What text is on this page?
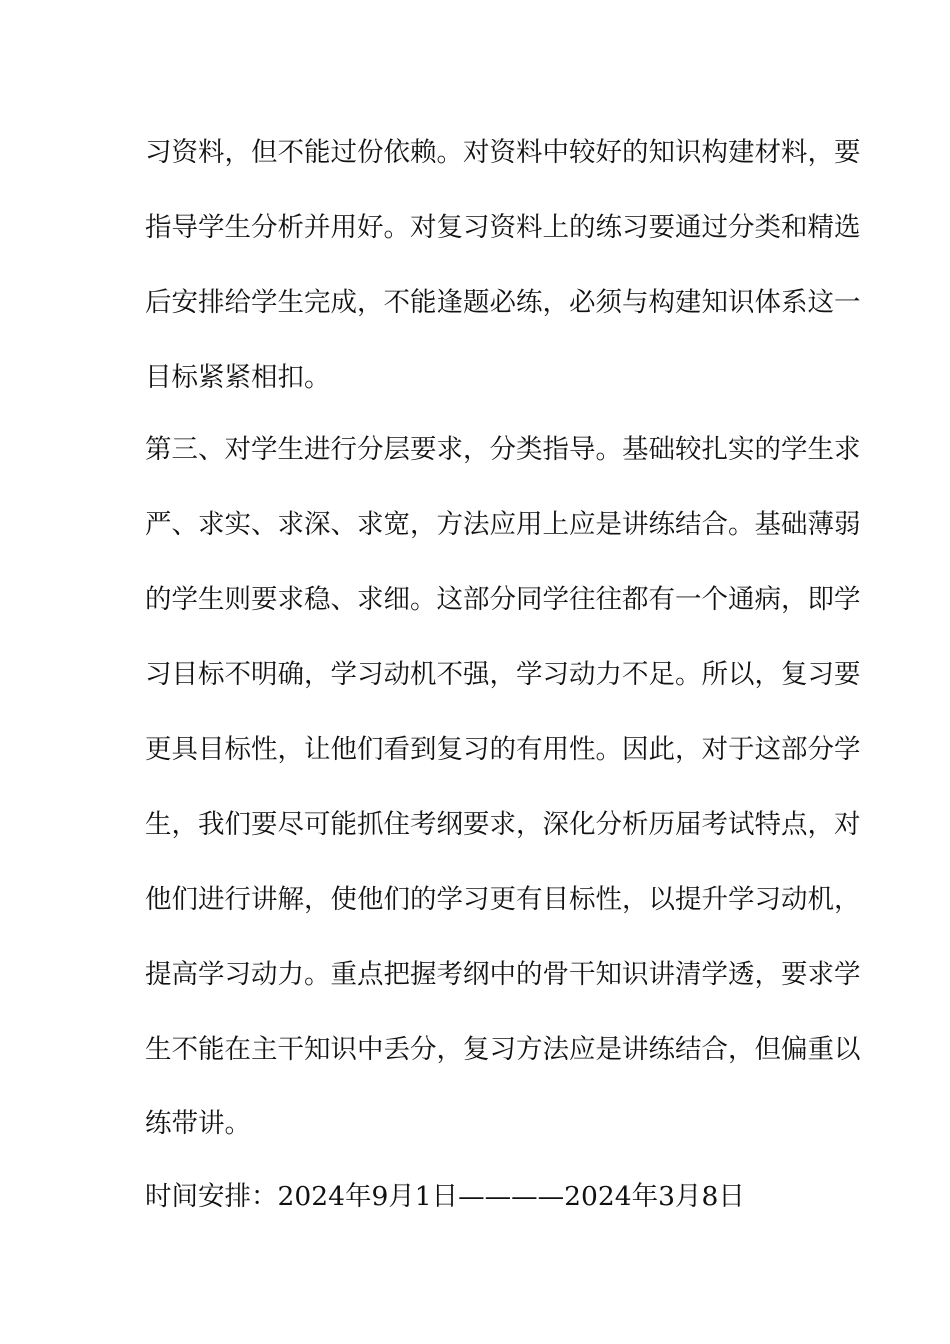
习资料，但不能过份依赖。对资料中较好的知识构建材料，要
指导学生分析并用好。对复习资料上的练习要通过分类和精选
后安排给学生完成，不能逢题必练，必须与构建知识体系这一
目标紧紧相扣。
第三、对学生进行分层要求，分类指导。基础较扎实的学生求
严、求实、求深、求宽，方法应用上应是讲练结合。基础薄弱
的学生则要求稳、求细。这部分同学往往都有一个通病，即学
习目标不明确，学习动机不强，学习动力不足。所以，复习要
更具目标性，让他们看到复习的有用性。因此，对于这部分学
生，我们要尽可能抓住考纲要求，深化分析历届考试特点，对
他们进行讲解，使他们的学习更有目标性，以提升学习动机，
提高学习动力。重点把握考纲中的骨干知识讲清学透，要求学
生不能在主干知识中丢分，复习方法应是讲练结合，但偏重以
练带讲。
时间安排：2024年9月1日————2024年3月8日
